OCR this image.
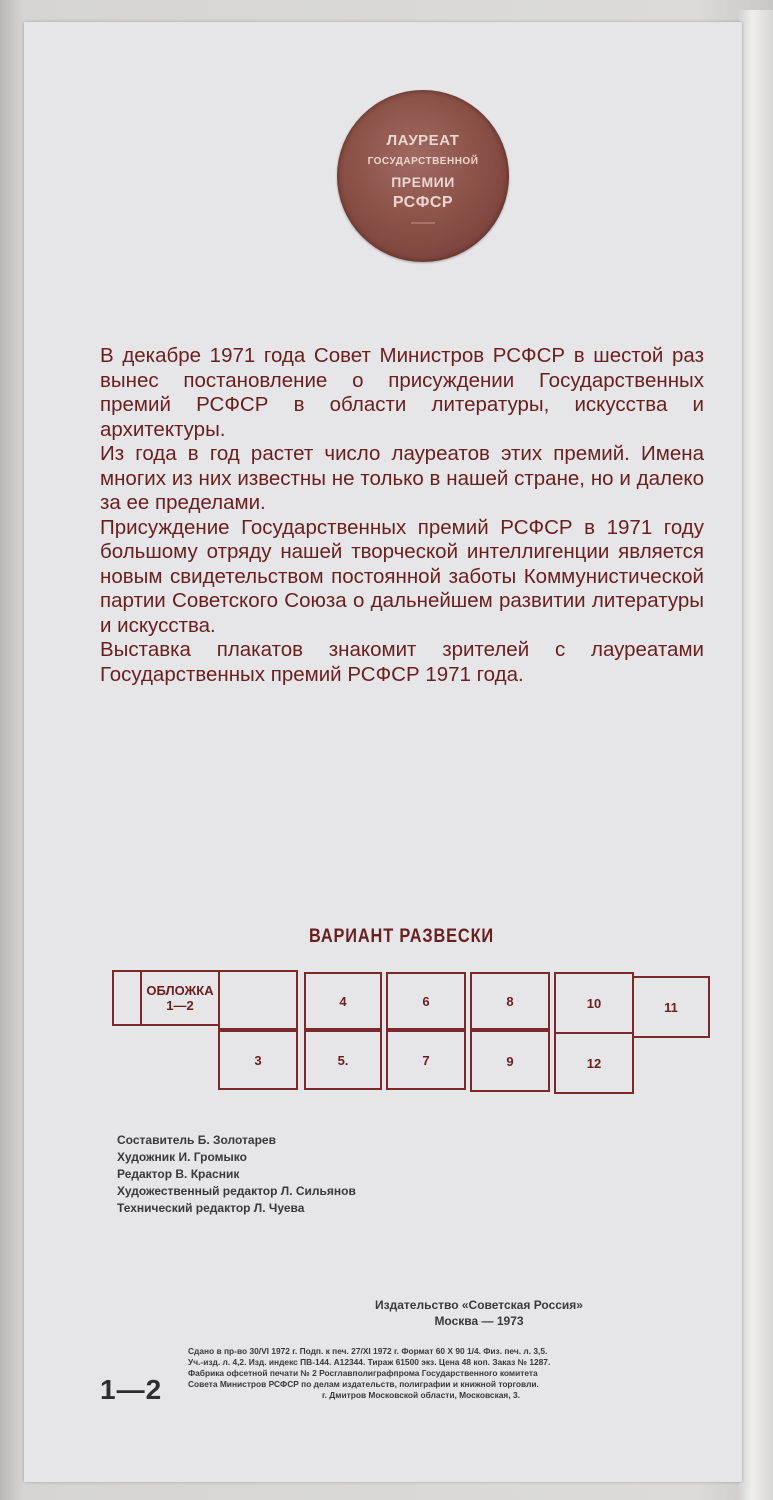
ЛАУРЕАТ
ГОСУДАРСТВЕННОЙ
ПРЕМИИ
РСФСР

В декабре 1971 года Совет Министров РСФСР в шестой раз вынес постановление о присуждении Государственных премий РСФСР в области литературы, искусства и архитектуры.

Из года в год растет число лауреатов этих премий. Имена многих из них известны не только в нашей стране, но и далеко за ее пределами.

Присуждение Государственных премий РСФСР в 1971 году большому отряду нашей творческой интеллигенции является новым свидетельством постоянной заботы Коммунистической партии Советского Союза о дальнейшем развитии литературы и искусства.

Выставка плакатов знакомит зрителей с лауреатами Государственных премий РСФСР 1971 года.

ВАРИАНТ РАЗВЕСКИ
ОБЛОЖКА
1—2	4	6	8	10	11
3	5.	7	9	12
Составитель Б. Золотарев
Художник И. Громыко
Редактор В. Красник
Художественный редактор Л. Сильянов
Технический редактор Л. Чуева
Издательство «Советская Россия»
Москва — 1973
1—2
Сдано в пр-во 30/VI 1972 г. Подп. к печ. 27/XI 1972 г. Формат 60 Х 90 1/4. Физ. печ. л. 3,5.
Уч.-изд. л. 4,2. Изд. индекс ПВ-144. А12344. Тираж 61500 экз. Цена 48 коп. Заказ № 1287.
Фабрика офсетной печати № 2 Росглавполиграфпрома Государственного комитета
Совета Министров РСФСР по делам издательств, полиграфии и книжной торговли.
г. Дмитров Московской области, Московская, 3.
